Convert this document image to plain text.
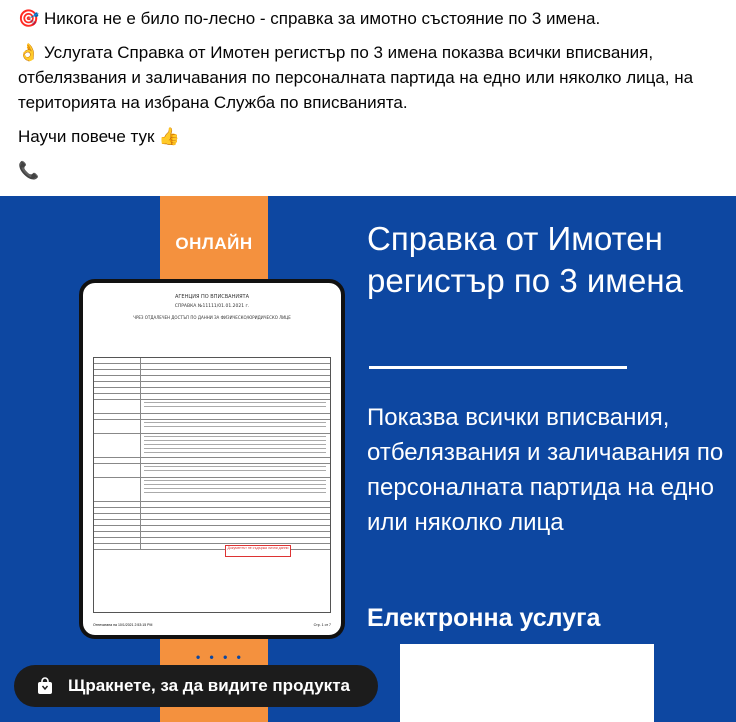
🎯 Никога не е било по-лесно - справка за имотно състояние по 3 имена.

👌 Услугата Справка от Имотен регистър по 3 имена показва всички вписвания, отбелязвания и заличавания по персоналната партида на едно или няколко лица, на територията на избрана Служба по вписванията.

Научи повече тук 👍

📞

ОНЛАЙН
АГЕНЦИЯ ПО ВПИСВАНИЯТА
СПРАВКА №11111/01.01.2021 г.
ЧРЕЗ ОТДАЛЕЧЕН ДОСТЪП ПО ДАННИ ЗА ФИЗИЧЕСКО/ЮРИДИЧЕСКО ЛИЦЕ
Документът не съдържа лични данни
Отпечатана на 10/1/2021 2:53:15 PM	Стр. 1 от 7
• • • •
Справка от Имотен регистър по 3 имена
Показва всички вписвания, отбелязвания и заличавания по персоналната партида на едно или няколко лица
Електронна услуга
Щракнете, за да видите продукта
